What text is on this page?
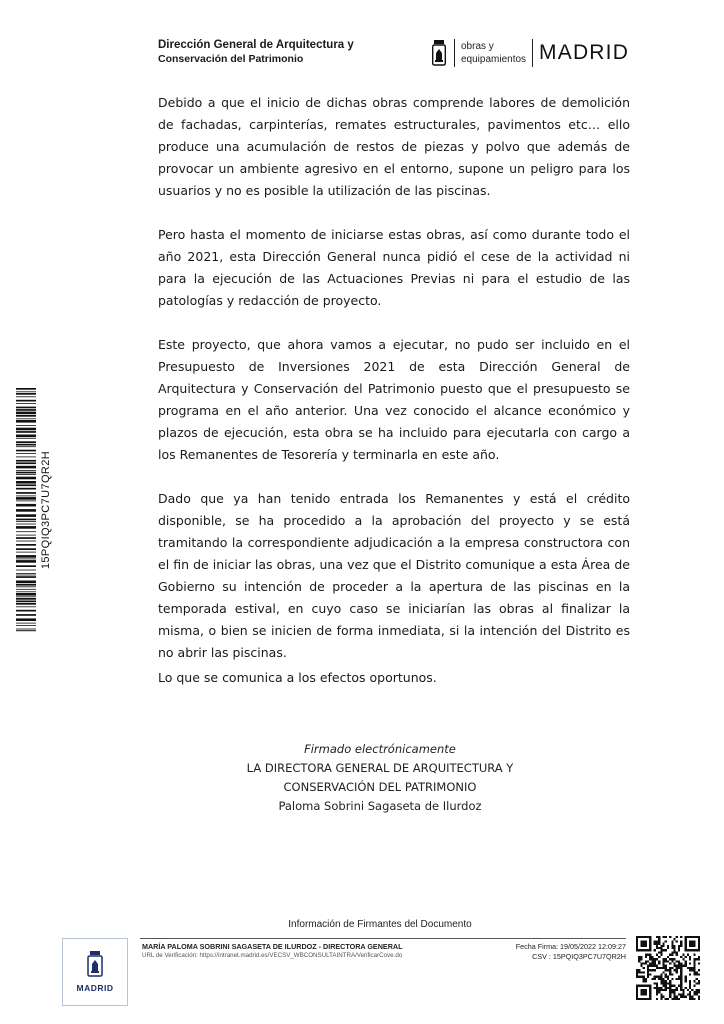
Dirección General de Arquitectura y
Conservación del Patrimonio
obras y
equipamientos MADRID
Debido a que el inicio de dichas obras comprende labores de demolición de fachadas, carpinterías, remates estructurales, pavimentos etc… ello produce una acumulación de restos de piezas y polvo que además de provocar un ambiente agresivo en el entorno, supone un peligro para los usuarios y no es posible la utilización de las piscinas.
Pero hasta el momento de iniciarse estas obras, así como durante todo el año 2021, esta Dirección General nunca pidió el cese de la actividad ni para la ejecución de las Actuaciones Previas ni para el estudio de las patologías y redacción de proyecto.
Este proyecto, que ahora vamos a ejecutar, no pudo ser incluido en el Presupuesto de Inversiones 2021 de esta Dirección General de Arquitectura y Conservación del Patrimonio puesto que el presupuesto se programa en el año anterior. Una vez conocido el alcance económico y plazos de ejecución, esta obra se ha incluido para ejecutarla con cargo a los Remanentes de Tesorería y terminarla en este año.
Dado que ya han tenido entrada los Remanentes y está el crédito disponible, se ha procedido a la aprobación del proyecto y se está tramitando la correspondiente adjudicación a la empresa constructora con el fin de iniciar las obras, una vez que el Distrito comunique a esta Área de Gobierno su intención de proceder a la apertura de las piscinas en la temporada estival, en cuyo caso se iniciarían las obras al finalizar la misma, o bien se inicien de forma inmediata, si la intención del Distrito es no abrir las piscinas.
Lo que se comunica a los efectos oportunos.
Firmado electrónicamente
LA DIRECTORA GENERAL DE ARQUITECTURA Y
CONSERVACIÓN DEL PATRIMONIO
Paloma Sobrini Sagaseta de Ilurdoz
15PQIQ3PC7U7QR2H
Información de Firmantes del Documento
MARÍA PALOMA SOBRINI SAGASETA DE ILURDOZ - DIRECTORA GENERAL
URL de Verificación: https://intranet.madrid.es/VECSV_WBCONSULTAINTRA/VerificarCove.do
Fecha Firma: 19/05/2022 12:09:27
CSV : 15PQIQ3PC7U7QR2H
MADRID
